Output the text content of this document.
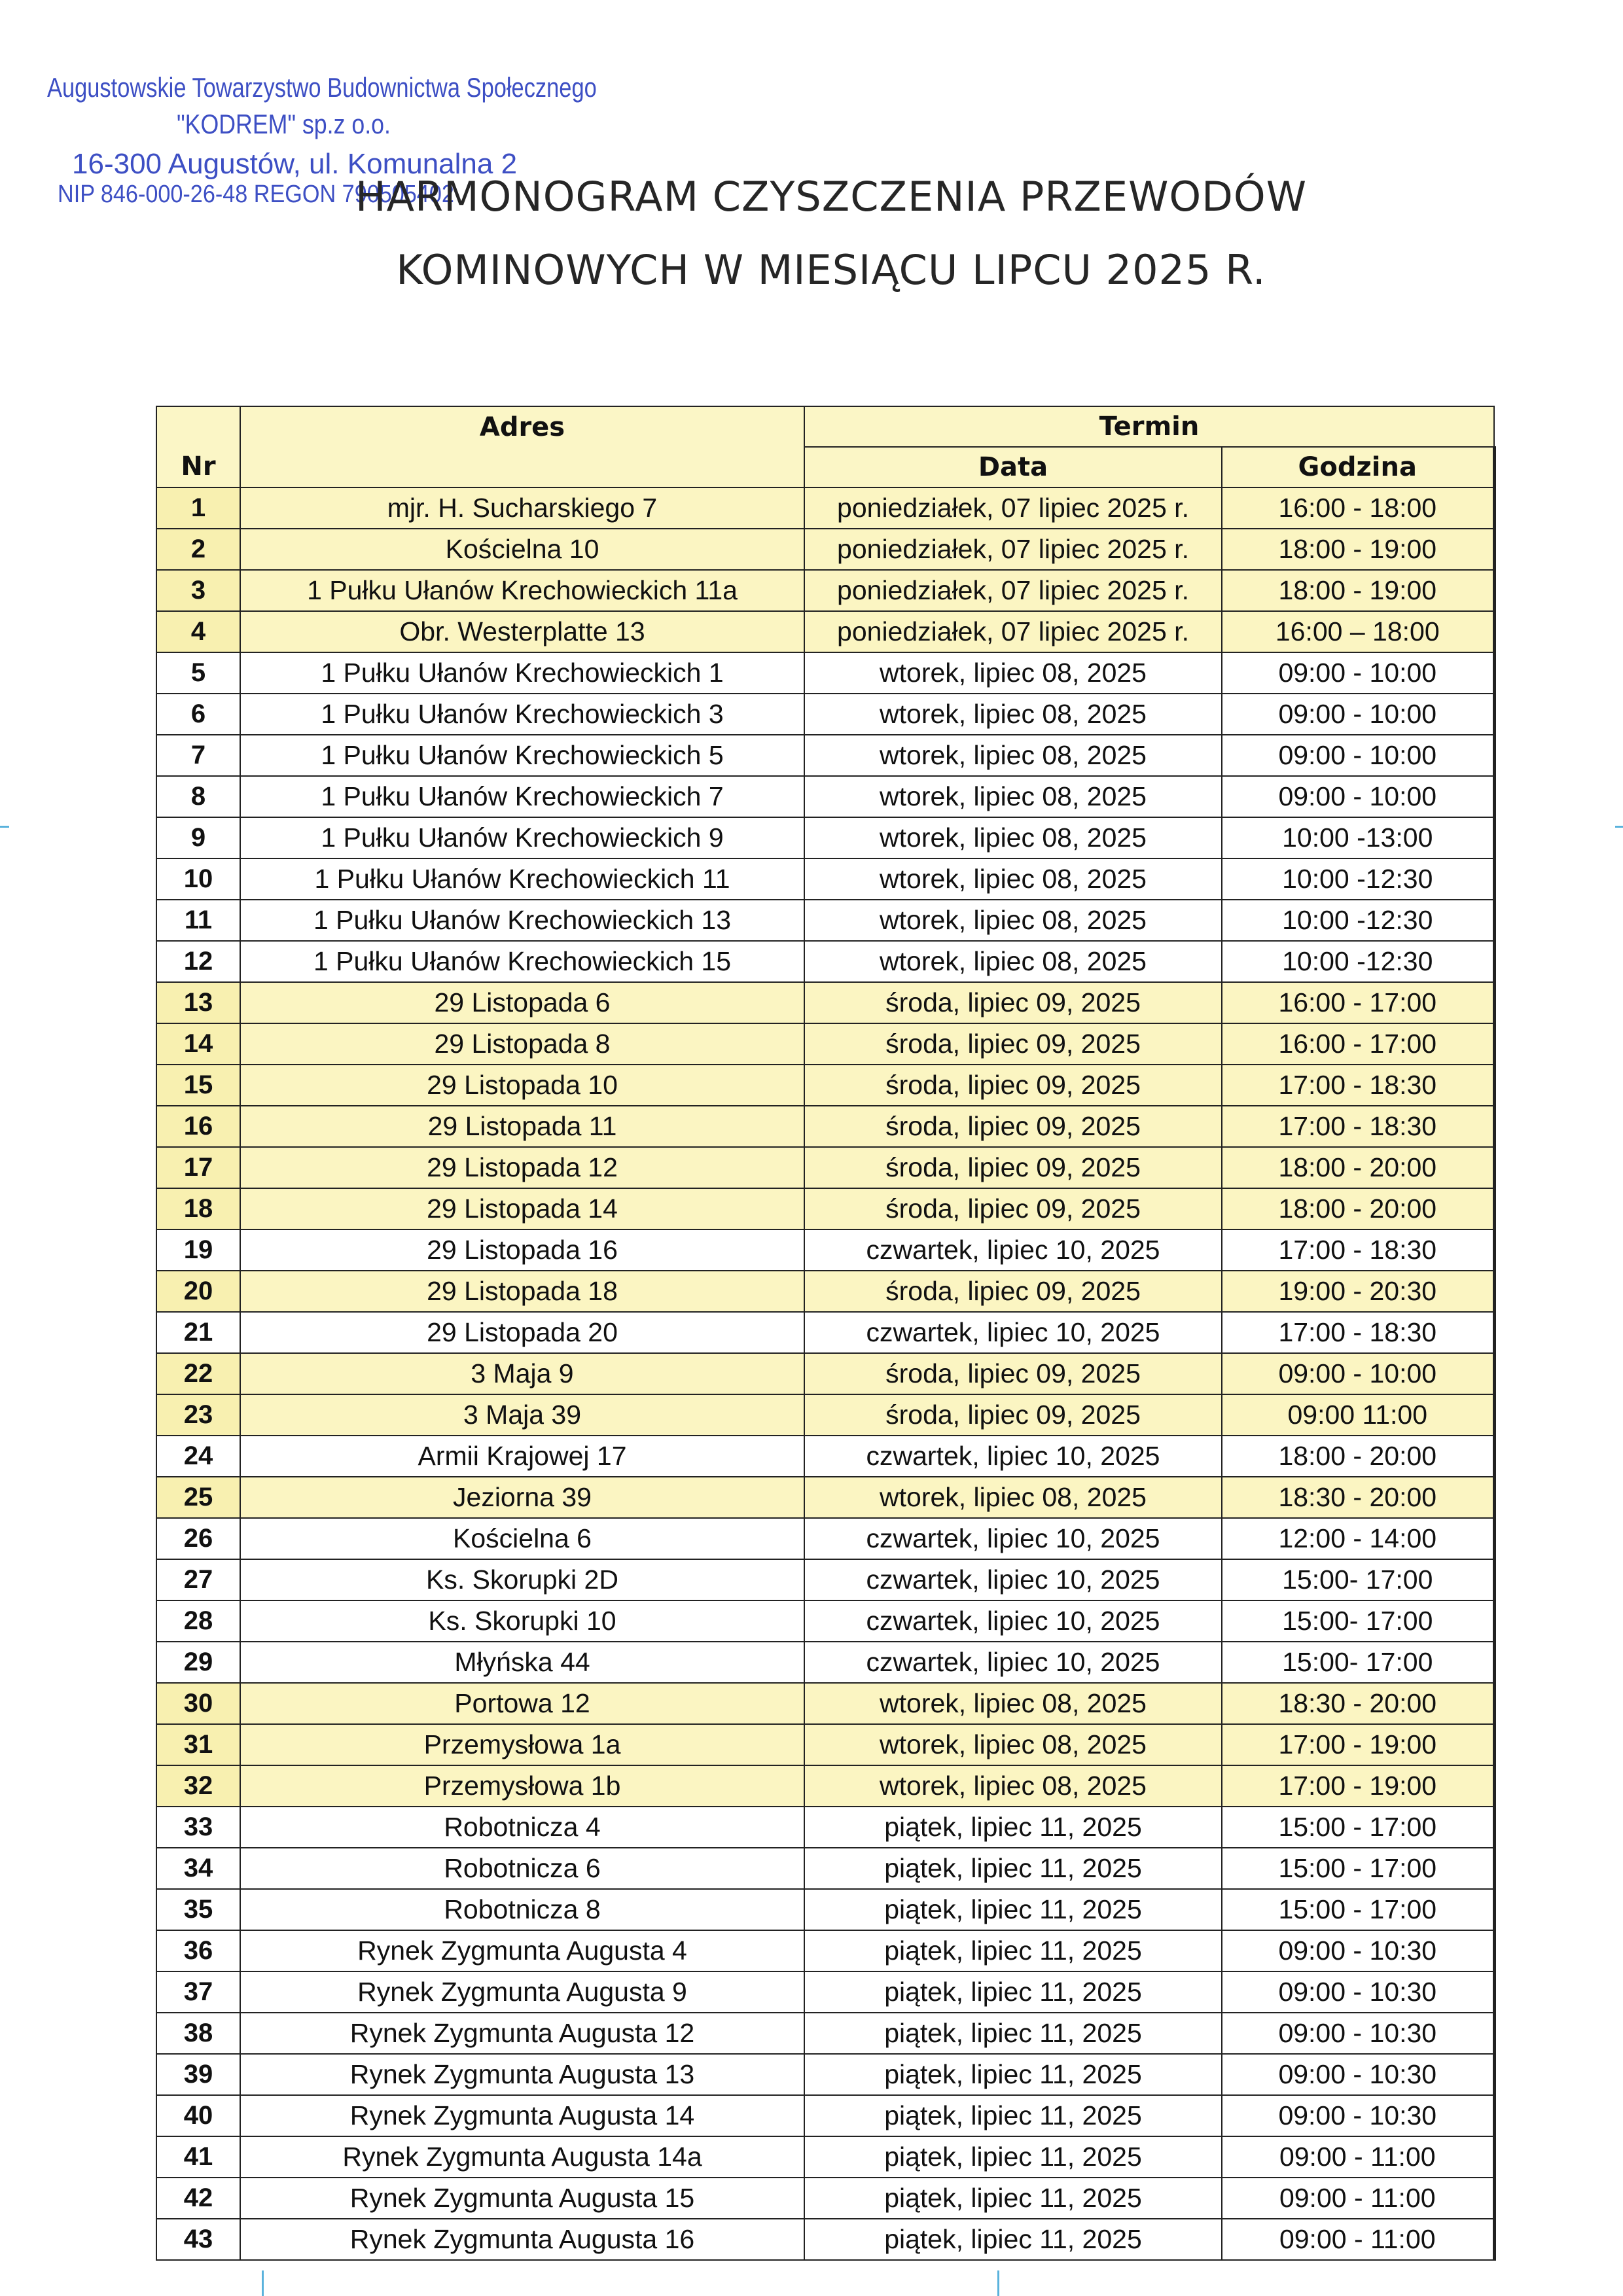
Augustowskie Towarzystwo Budownictwa Społecznego
"KODREM" sp.z o.o.
16-300 Augustów, ul. Komunalna 2
NIP 846-000-26-48 REGON 790505402
HARMONOGRAM CZYSZCZENIA PRZEWODÓW
KOMINOWYCH W MIESIĄCU LIPCU 2025 R.
Nr	Adres	Termin	
		Data	Godzina
1	mjr. H. Sucharskiego 7	poniedziałek, 07 lipiec 2025 r.	16:00 - 18:00
2	Kościelna 10	poniedziałek, 07 lipiec 2025 r.	18:00 - 19:00
3	1 Pułku Ułanów Krechowieckich 11a	poniedziałek, 07 lipiec 2025 r.	18:00 - 19:00
4	Obr. Westerplatte 13	poniedziałek, 07 lipiec 2025 r.	16:00 – 18:00
5	1 Pułku Ułanów Krechowieckich 1	wtorek, lipiec 08, 2025	09:00 - 10:00
6	1 Pułku Ułanów Krechowieckich 3	wtorek, lipiec 08, 2025	09:00 - 10:00
7	1 Pułku Ułanów Krechowieckich 5	wtorek, lipiec 08, 2025	09:00 - 10:00
8	1 Pułku Ułanów Krechowieckich 7	wtorek, lipiec 08, 2025	09:00 - 10:00
9	1 Pułku Ułanów Krechowieckich 9	wtorek, lipiec 08, 2025	10:00 -13:00
10	1 Pułku Ułanów Krechowieckich 11	wtorek, lipiec 08, 2025	10:00 -12:30
11	1 Pułku Ułanów Krechowieckich 13	wtorek, lipiec 08, 2025	10:00 -12:30
12	1 Pułku Ułanów Krechowieckich 15	wtorek, lipiec 08, 2025	10:00 -12:30
13	29 Listopada 6	środa, lipiec 09, 2025	16:00 - 17:00
14	29 Listopada 8	środa, lipiec 09, 2025	16:00 - 17:00
15	29 Listopada 10	środa, lipiec 09, 2025	17:00 - 18:30
16	29 Listopada 11	środa, lipiec 09, 2025	17:00 - 18:30
17	29 Listopada 12	środa, lipiec 09, 2025	18:00 - 20:00
18	29 Listopada 14	środa, lipiec 09, 2025	18:00 - 20:00
19	29 Listopada 16	czwartek, lipiec 10, 2025	17:00 - 18:30
20	29 Listopada 18	środa, lipiec 09, 2025	19:00 - 20:30
21	29 Listopada 20	czwartek, lipiec 10, 2025	17:00 - 18:30
22	3 Maja 9	środa, lipiec 09, 2025	09:00 - 10:00
23	3 Maja 39	środa, lipiec 09, 2025	09:00 11:00
24	Armii Krajowej 17	czwartek, lipiec 10, 2025	18:00 - 20:00
25	Jeziorna 39	wtorek, lipiec 08, 2025	18:30 - 20:00
26	Kościelna 6	czwartek, lipiec 10, 2025	12:00 - 14:00
27	Ks. Skorupki 2D	czwartek, lipiec 10, 2025	15:00- 17:00
28	Ks. Skorupki 10	czwartek, lipiec 10, 2025	15:00- 17:00
29	Młyńska 44	czwartek, lipiec 10, 2025	15:00- 17:00
30	Portowa 12	wtorek, lipiec 08, 2025	18:30 - 20:00
31	Przemysłowa 1a	wtorek, lipiec 08, 2025	17:00 - 19:00
32	Przemysłowa 1b	wtorek, lipiec 08, 2025	17:00 - 19:00
33	Robotnicza 4	piątek, lipiec 11, 2025	15:00 - 17:00
34	Robotnicza 6	piątek, lipiec 11, 2025	15:00 - 17:00
35	Robotnicza 8	piątek, lipiec 11, 2025	15:00 - 17:00
36	Rynek Zygmunta Augusta 4	piątek, lipiec 11, 2025	09:00 - 10:30
37	Rynek Zygmunta Augusta 9	piątek, lipiec 11, 2025	09:00 - 10:30
38	Rynek Zygmunta Augusta 12	piątek, lipiec 11, 2025	09:00 - 10:30
39	Rynek Zygmunta Augusta 13	piątek, lipiec 11, 2025	09:00 - 10:30
40	Rynek Zygmunta Augusta 14	piątek, lipiec 11, 2025	09:00 - 10:30
41	Rynek Zygmunta Augusta 14a	piątek, lipiec 11, 2025	09:00 - 11:00
42	Rynek Zygmunta Augusta 15	piątek, lipiec 11, 2025	09:00 - 11:00
43	Rynek Zygmunta Augusta 16	piątek, lipiec 11, 2025	09:00 - 11:00
